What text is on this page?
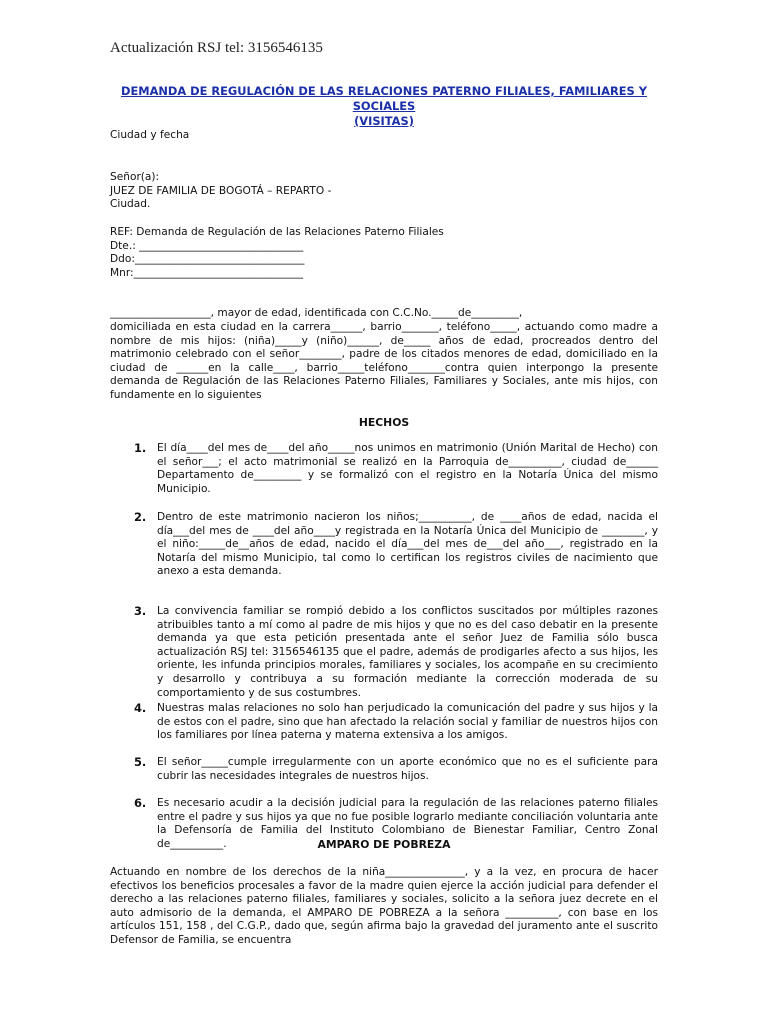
Actualización RSJ tel: 3156546135
DEMANDA DE REGULACIÓN DE LAS RELACIONES PATERNO FILIALES, FAMILIARES Y SOCIALES
(VISITAS)
Ciudad y fecha
Señor(a):
JUEZ DE FAMILIA DE BOGOTÁ – REPARTO -
Ciudad.
REF: Demanda de Regulación de las Relaciones Paterno Filiales
Dte.: _______________________________
Ddo:________________________________
Mnr:________________________________
___________________, mayor de edad, identificada con C.C.No._____de_________,
domiciliada en esta ciudad en la carrera______, barrio_______, teléfono_____, actuando como madre a nombre de mis hijos: (niña)_____y (niño)______, de_____ años de edad, procreados dentro del matrimonio celebrado con el señor________, padre de los citados menores de edad, domiciliado en la ciudad de ______en la calle____, barrio_____teléfono_______contra quien interpongo la presente demanda de Regulación de las Relaciones Paterno Filiales, Familiares y Sociales, ante mis hijos, con fundamente en lo siguientes
HECHOS
1. El día____del mes de____del año_____nos unimos en matrimonio (Unión Marital de Hecho) con el señor___; el acto matrimonial se realizó en la Parroquia de__________, ciudad de______ Departamento de_________ y se formalizó con el registro en la Notaría Única del mismo Municipio.
2. Dentro de este matrimonio nacieron los niños;__________, de ____años de edad, nacida el día___del mes de ____del año____y registrada en la Notaría Única del Municipio de ________, y el niño:_____de__años de edad, nacido el día___del mes de___del año___, registrado en la Notaría del mismo Municipio, tal como lo certifican los registros civiles de nacimiento que anexo a esta demanda.
3. La convivencia familiar se rompió debido a los conflictos suscitados por múltiples razones atribuibles tanto a mí como al padre de mis hijos y que no es del caso debatir en la presente demanda ya que esta petición presentada ante el señor Juez de Familia sólo busca actualización RSJ tel: 3156546135 que el padre, además de prodigarles afecto a sus hijos, les oriente, les infunda principios morales, familiares y sociales, los acompañe en su crecimiento y desarrollo y contribuya a su formación mediante la corrección moderada de su comportamiento y de sus costumbres.
4. Nuestras malas relaciones no solo han perjudicado la comunicación del padre y sus hijos y la de estos con el padre, sino que han afectado la relación social y familiar de nuestros hijos con los familiares por línea paterna y materna extensiva a los amigos.
5. El señor_____cumple irregularmente con un aporte económico que no es el suficiente para cubrir las necesidades integrales de nuestros hijos.
6. Es necesario acudir a la decisión judicial para la regulación de las relaciones paterno filiales entre el padre y sus hijos ya que no fue posible lograrlo mediante conciliación voluntaria ante la Defensoría de Familia del Instituto Colombiano de Bienestar Familiar, Centro Zonal de__________.	AMPARO DE POBREZA
Actuando en nombre de los derechos de la niña_______________, y a la vez, en procura de hacer efectivos los beneficios procesales a favor de la madre quien ejerce la acción judicial para defender el derecho a las relaciones paterno filiales, familiares y sociales, solicito a la señora juez decrete en el auto admisorio de la demanda, el AMPARO DE POBREZA a la señora __________, con base en los artículos 151, 158 , del C.G.P., dado que, según afirma bajo la gravedad del juramento ante el suscrito Defensor de Familia, se encuentra
